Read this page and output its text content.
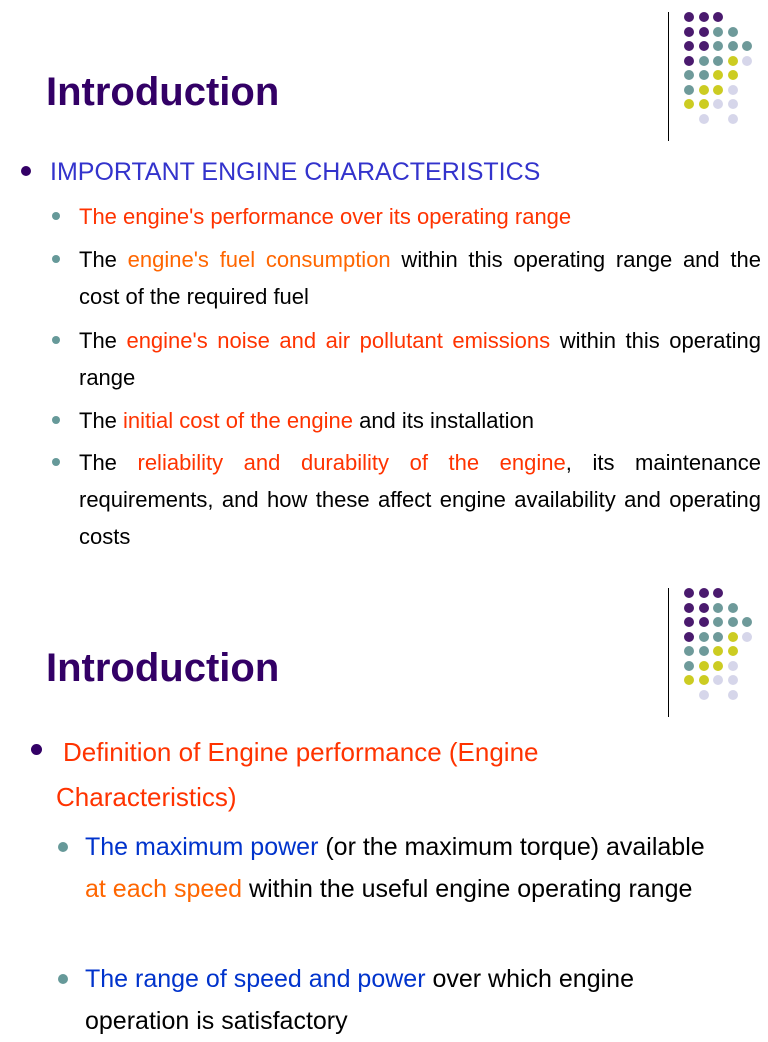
Introduction
IMPORTANT ENGINE CHARACTERISTICS
The engine's performance over its operating range
The engine's fuel consumption within this operating range and the cost of the required fuel
The engine's noise and air pollutant emissions within this operating range
The initial cost of the engine and its installation
The reliability and durability of the engine, its maintenance requirements, and how these affect engine availability and operating costs
Introduction
Definition of Engine performance (Engine Characteristics)
The maximum power (or the maximum torque) available at each speed within the useful engine operating range
The range of speed and power over which engine operation is satisfactory
